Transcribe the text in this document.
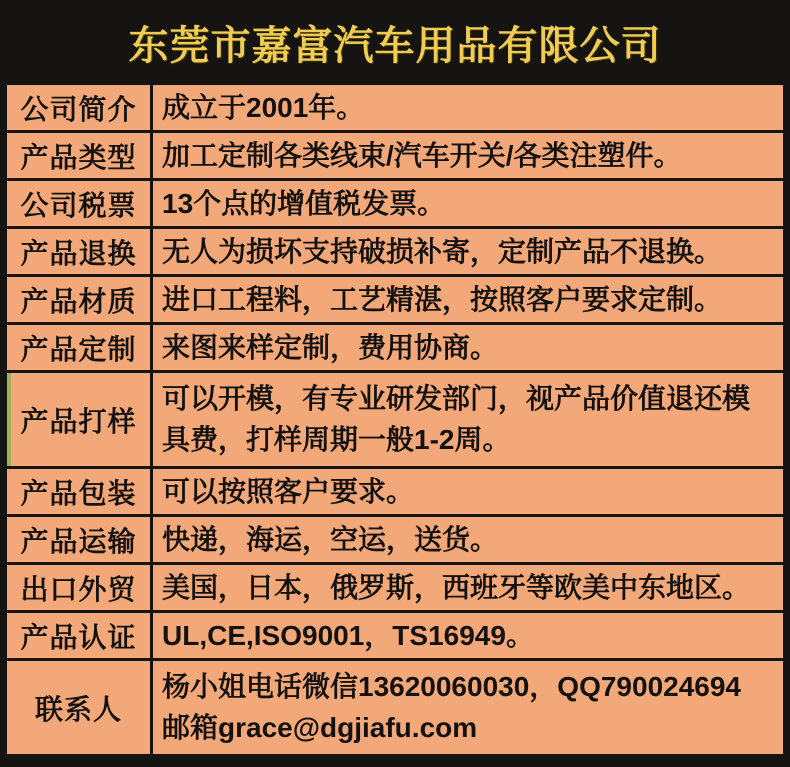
东莞市嘉富汽车用品有限公司
公司简介 成立于2001年。
产品类型 加工定制各类线束/汽车开关/各类注塑件。
公司税票 13个点的增值税发票。
产品退换 无人为损坏支持破损补寄，定制产品不退换。
产品材质 进口工程料，工艺精湛，按照客户要求定制。
产品定制 来图来样定制，费用协商。
产品打样
可以开模，有专业研发部门，视产品价值退还模
具费，打样周期一般1-2周。
产品包装 可以按照客户要求。
产品运输 快递，海运，空运，送货。
出口外贸 美国，日本，俄罗斯，西班牙等欧美中东地区。
产品认证 UL,CE,ISO9001，TS16949。
联系人
杨小姐电话微信13620060030，QQ790024694
邮箱grace@dgjiafu.com
